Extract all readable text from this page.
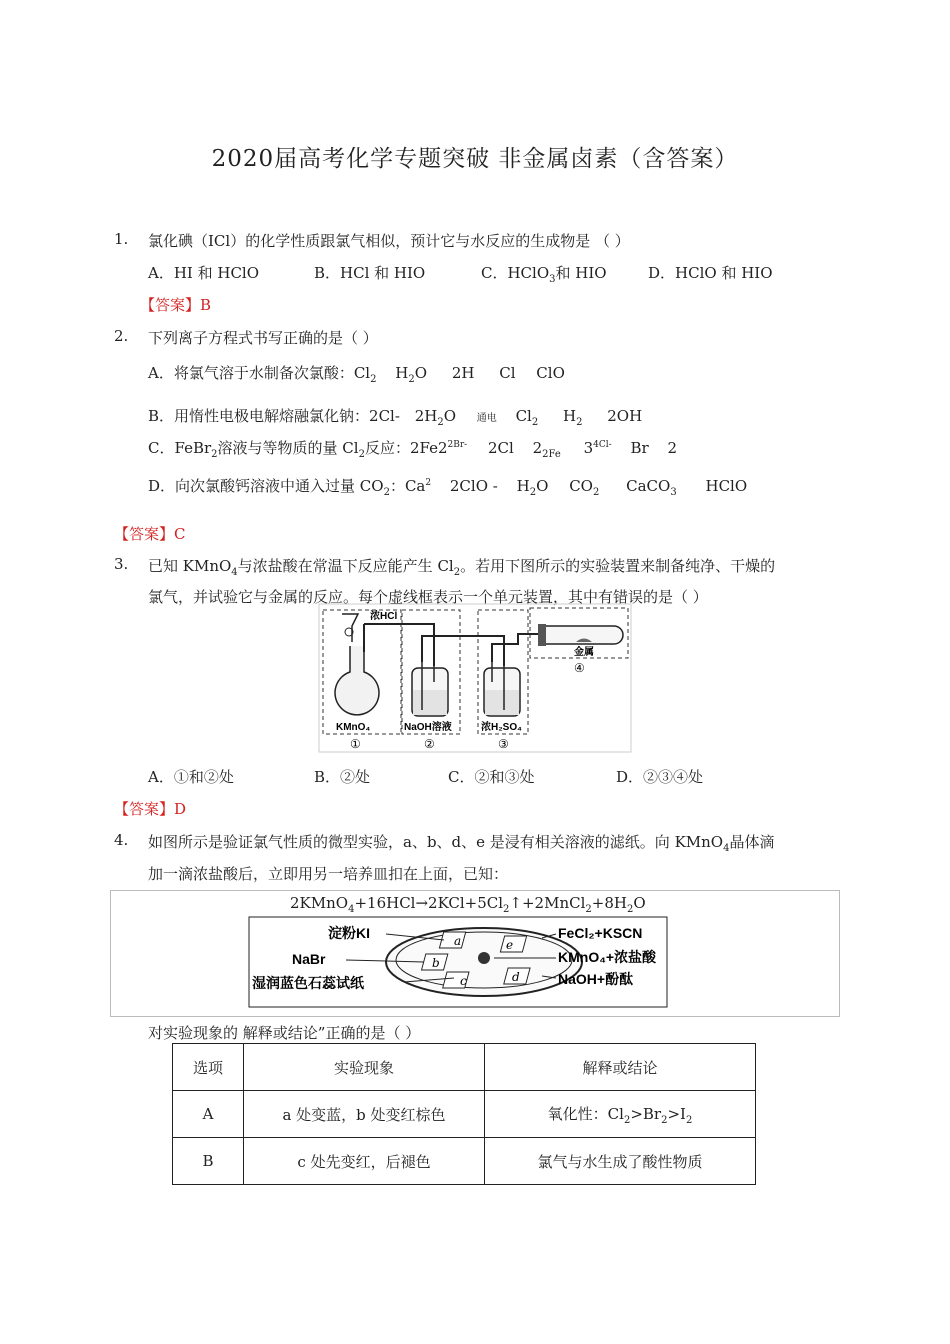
2020届高考化学专题突破 非金属卤素（含答案）
1. 氯化碘（ICl）的化学性质跟氯气相似，预计它与水反应的生成物是 （ ）
A．HI 和 HClO	B．HCl 和 HIO	C．HClO$_3$和 HIO	D．HClO 和 HIO
【答案】B
2. 下列离子方程式书写正确的是（ ）
A．将氯气溶于水制备次氯酸：$Cl_2$ $H_2O$ 2H Cl ClO
B．用惰性电极电解熔融氯化钠：2Cl- $2H_2O$ 通电 $Cl_2$ $H_2$ 2OH
C．FeBr$_2$溶液与等物质的量 $Cl_2$反应：$2Fe2^{2Br-}$ 2Cl $2_{2Fe}$ $3^{4Cl-}$ Br 2
D．向次氯酸钙溶液中通入过量 $CO_2$：Ca$^2$ $2ClO - H_2O$ $CO_2$ CaCO$_3$ HClO
【答案】C
3. 已知 KMnO$_4$与浓盐酸在常温下反应能产生 $Cl_2$。若用下图所示的实验装置来制备纯净、干燥的
氯气，并试验它与金属的反应。每个虚线框表示一个单元装置，其中有错误的是（ ）
浓HCl
KMnO₄	NaOH溶液	浓H₂SO₄
金属
①	②	③
④
A．①和②处	B．②处	C．②和③处	D．②③④处
【答案】D
4. 如图所示是验证氯气性质的微型实验，a、b、d、e 是浸有相关溶液的滤纸。向 KMnO$_4$晶体滴
加一滴浓盐酸后，立即用另一培养皿扣在上面，已知：
$2KMnO_4+16HCl\to 2KCl+5Cl_2↑+2MnCl_2+8H_2O$
a
b
c
e
d
淀粉KI
NaBr
湿润蓝色石蕊试纸
FeCl₂+KSCN
KMnO₄+浓盐酸
NaOH+酚酞
对实验现象的 解释或结论”正确的是（ ）
选项	实验现象	解释或结论
A	a 处变蓝，b 处变红棕色	氧化性：$Cl_2>Br_2>I_2$
B	c 处先变红，后褪色	氯气与水生成了酸性物质
